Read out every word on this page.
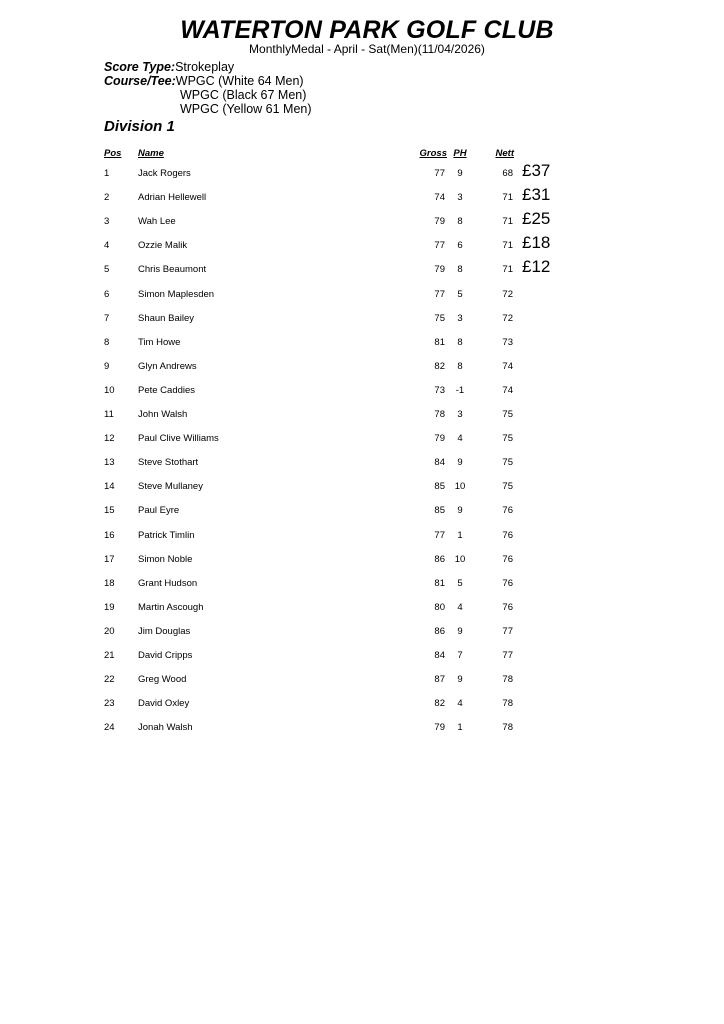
WATERTON PARK GOLF CLUB
MonthlyMedal - April - Sat(Men)(11/04/2026)
Score Type:Strokeplay
Course/Tee:WPGC (White 64 Men)
WPGC (Black 67 Men)
WPGC (Yellow 61 Men)
Division 1
Pos Name	Gross PH	Nett
1	Jack Rogers	77	9	68 £37
2	Adrian Hellewell	74	3	71 £31
3	Wah Lee	79	8	71 £25
4	Ozzie Malik	77	6	71 £18
5	Chris Beaumont	79	8	71 £12
6	Simon Maplesden	77	5	72
7	Shaun Bailey	75	3	72
8	Tim Howe	81	8	73
9	Glyn Andrews	82	8	74
10 Pete Caddies	73	-1	74
11	John Walsh	78	3	75
12 Paul Clive Williams	79	4	75
13 Steve Stothart	84	9	75
14 Steve Mullaney	85	10	75
15 Paul Eyre	85	9	76
16 Patrick Timlin	77	1	76
17 Simon Noble	86	10	76
18 Grant Hudson	81	5	76
19 Martin Ascough	80	4	76
20 Jim Douglas	86	9	77
21 David Cripps	84	7	77
22 Greg Wood	87	9	78
23 David Oxley	82	4	78
24 Jonah Walsh	79	1	78
